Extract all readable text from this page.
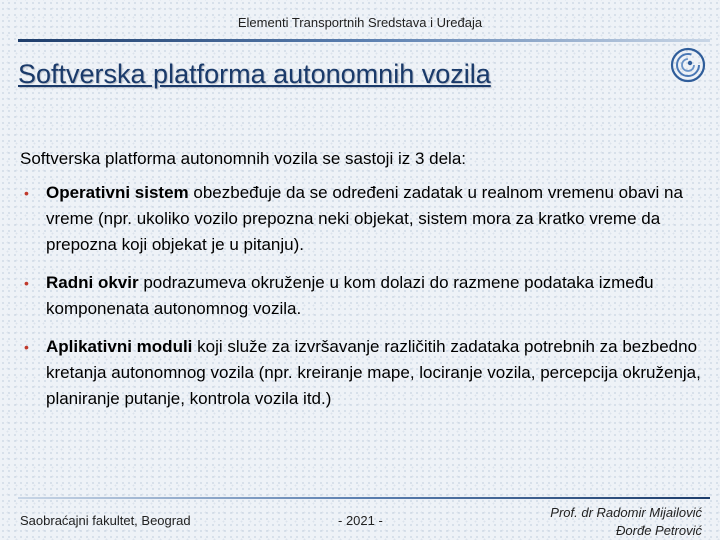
Elementi Transportnih Sredstava i Uređaja
Softverska platforma autonomnih vozila
Softverska platforma autonomnih vozila se sastoji iz 3 dela:
• Operativni sistem obezbeđuje da se određeni zadatak u realnom vremenu obavi na vreme (npr. ukoliko vozilo prepozna neki objekat, sistem mora za kratko vreme da prepozna koji objekat je u pitanju).
• Radni okvir podrazumeva okruženje u kom dolazi do razmene podataka između komponenata autonomnog vozila.
• Aplikativni moduli koji služe za izvršavanje različitih zadataka potrebnih za bezbedno kretanja autonomnog vozila (npr. kreiranje mape, lociranje vozila, percepcija okruženja, planiranje putanje, kontrola vozila itd.)
Saobraćajni fakultet, Beograd	- 2021 -
Prof. dr Radomir Mijailović
Đorđe Petrović
